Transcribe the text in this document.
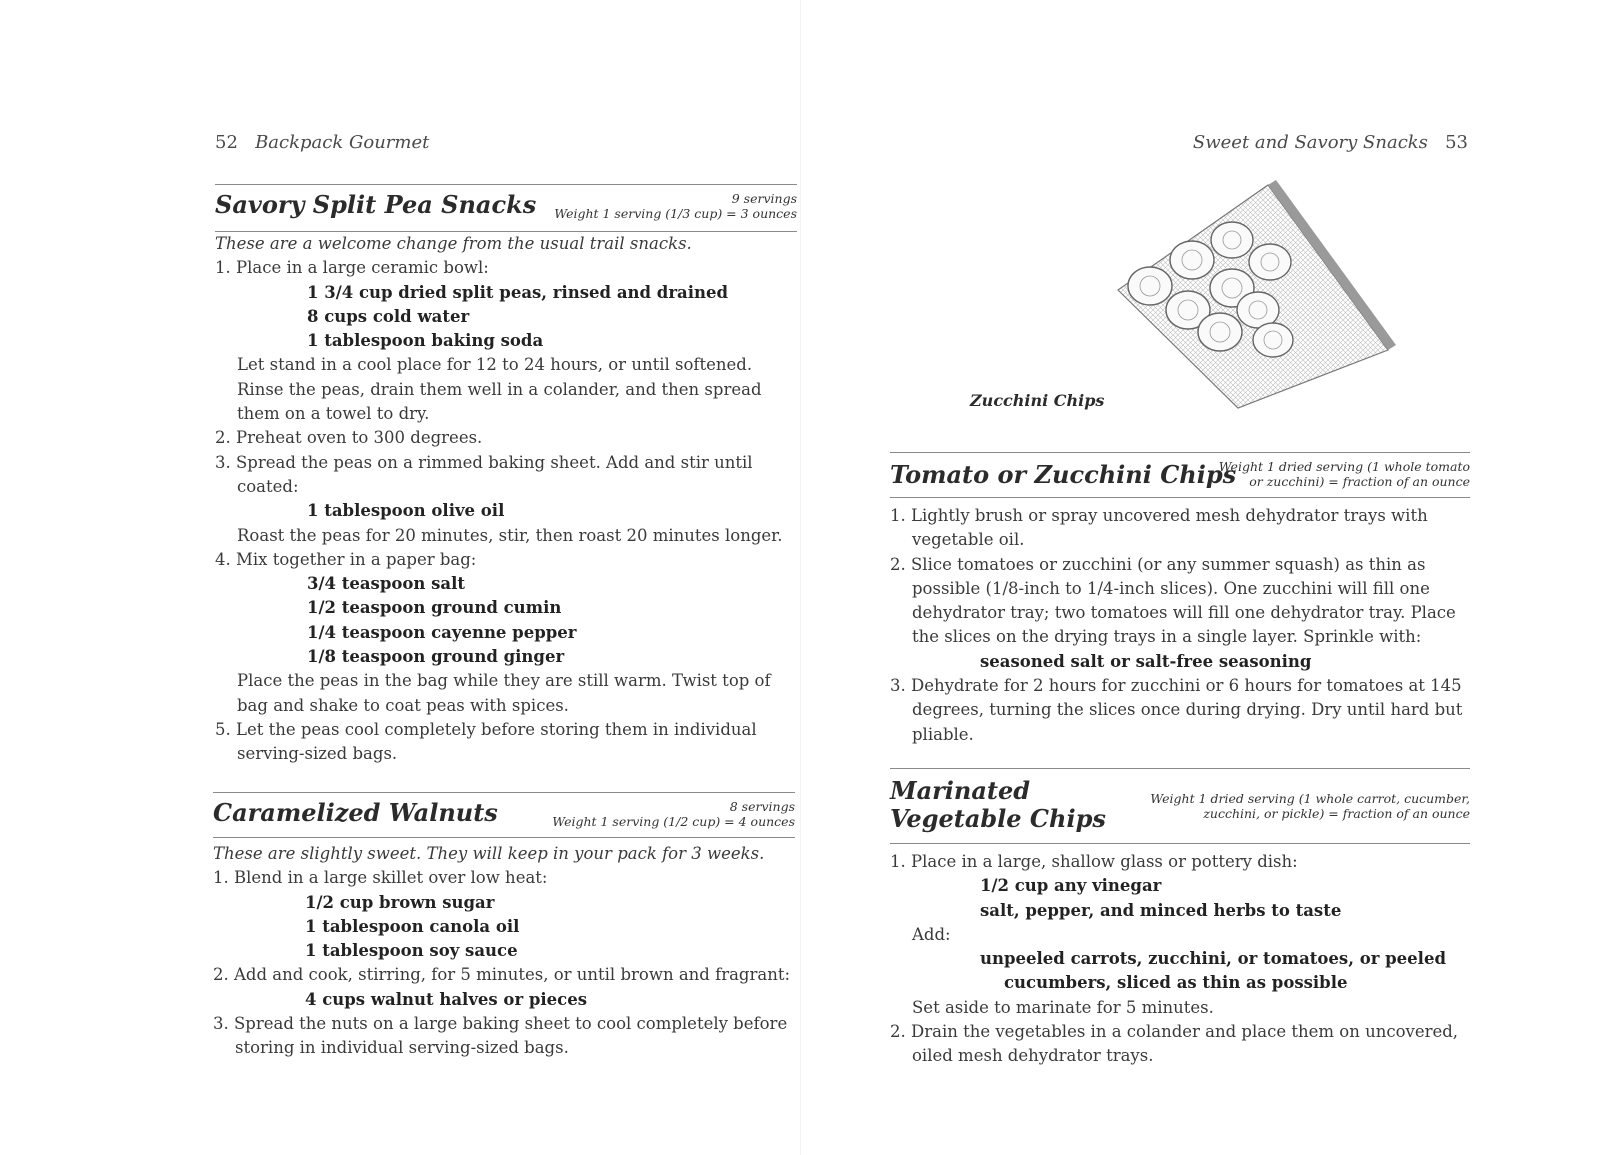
52 Backpack Gourmet
Savory Split Pea Snacks	9 servings
Weight 1 serving (1/3 cup) = 3 ounces

These are a welcome change from the usual trail snacks.

1. Place in a large ceramic bowl:

1 3/4 cup dried split peas, rinsed and drained

8 cups cold water

1 tablespoon baking soda

Let stand in a cool place for 12 to 24 hours, or until softened. Rinse the peas, drain them well in a colander, and then spread them on a towel to dry.

2. Preheat oven to 300 degrees.

3. Spread the peas on a rimmed baking sheet. Add and stir until coated:

1 tablespoon olive oil

Roast the peas for 20 minutes, stir, then roast 20 minutes longer.

4. Mix together in a paper bag:

3/4 teaspoon salt

1/2 teaspoon ground cumin

1/4 teaspoon cayenne pepper

1/8 teaspoon ground ginger

Place the peas in the bag while they are still warm. Twist top of bag and shake to coat peas with spices.

5. Let the peas cool completely before storing them in individual serving-sized bags.

Caramelized Walnuts	8 servings
Weight 1 serving (1/2 cup) = 4 ounces

These are slightly sweet. They will keep in your pack for 3 weeks.

1. Blend in a large skillet over low heat:

1/2 cup brown sugar

1 tablespoon canola oil

1 tablespoon soy sauce

2. Add and cook, stirring, for 5 minutes, or until brown and fragrant:

4 cups walnut halves or pieces

3. Spread the nuts on a large baking sheet to cool completely before storing in individual serving-sized bags.

Sweet and Savory Snacks 53
Zucchini Chips
Tomato or Zucchini Chips
Weight 1 dried serving (1 whole tomato or zucchini) = fraction of an ounce

1. Lightly brush or spray uncovered mesh dehydrator trays with vegetable oil.

2. Slice tomatoes or zucchini (or any summer squash) as thin as possible (1/8-inch to 1/4-inch slices). One zucchini will fill one dehydrator tray; two tomatoes will fill one dehydrator tray. Place the slices on the drying trays in a single layer. Sprinkle with:

seasoned salt or salt-free seasoning

3. Dehydrate for 2 hours for zucchini or 6 hours for tomatoes at 145 degrees, turning the slices once during drying. Dry until hard but pliable.

Marinated
Vegetable Chips
Weight 1 dried serving (1 whole carrot, cucumber, zucchini, or pickle) = fraction of an ounce

1. Place in a large, shallow glass or pottery dish:

1/2 cup any vinegar

salt, pepper, and minced herbs to taste

Add:

unpeeled carrots, zucchini, or tomatoes, or peeled

cucumbers, sliced as thin as possible

Set aside to marinate for 5 minutes.

2. Drain the vegetables in a colander and place them on uncovered, oiled mesh dehydrator trays.
